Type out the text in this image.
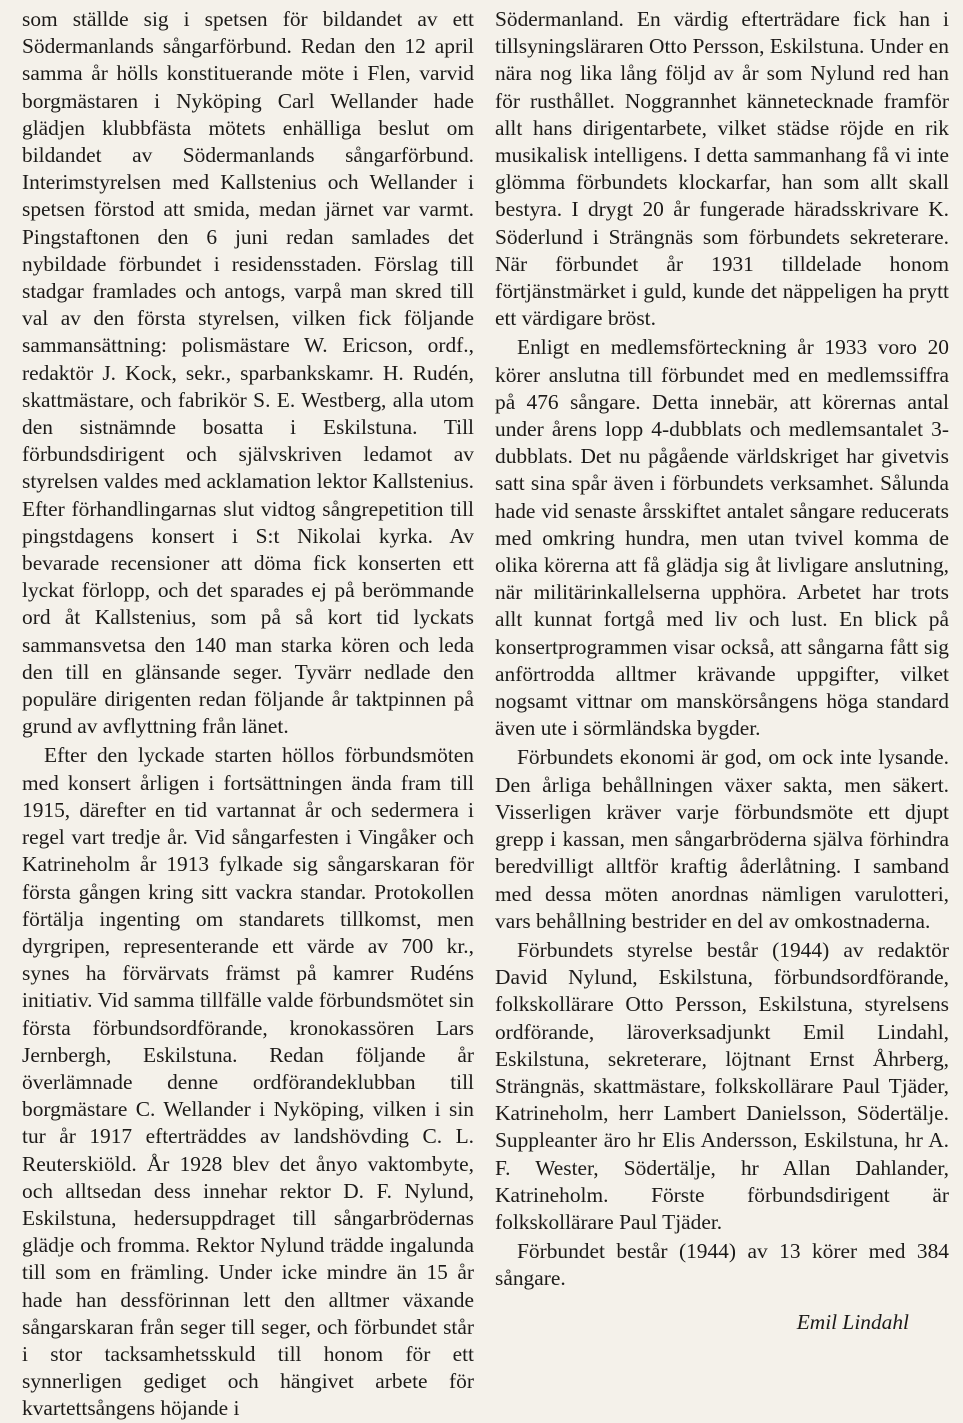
som ställde sig i spetsen för bildandet av ett Södermanlands sångarförbund. Redan den 12 april samma år hölls konstituerande möte i Flen, varvid borgmästaren i Nyköping Carl Wellander hade glädjen klubbfästa mötets enhälliga beslut om bildandet av Södermanlands sångarförbund. Interimstyrelsen med Kallstenius och Wellander i spetsen förstod att smida, medan järnet var varmt. Pingstaftonen den 6 juni redan samlades det nybildade förbundet i residensstaden. Förslag till stadgar framlades och antogs, varpå man skred till val av den första styrelsen, vilken fick följande sammansättning: polismästare W. Ericson, ordf., redaktör J. Kock, sekr., sparbankskamr. H. Rudén, skattmästare, och fabrikör S. E. Westberg, alla utom den sistnämnde bosatta i Eskilstuna. Till förbundsdirigent och självskriven ledamot av styrelsen valdes med acklamation lektor Kallstenius. Efter förhandlingarnas slut vidtog sångrepetition till pingstdagens konsert i S:t Nikolai kyrka. Av bevarade recensioner att döma fick konserten ett lyckat förlopp, och det sparades ej på berömmande ord åt Kallstenius, som på så kort tid lyckats sammansvetsa den 140 man starka kören och leda den till en glänsande seger. Tyvärr nedlade den populäre dirigenten redan följande år taktpinnen på grund av avflyttning från länet.

Efter den lyckade starten höllos förbundsmöten med konsert årligen i fortsättningen ända fram till 1915, därefter en tid vartannat år och sedermera i regel vart tredje år. Vid sångarfesten i Vingåker och Katrineholm år 1913 fylkade sig sångarskaran för första gången kring sitt vackra standar. Protokollen förtälja ingenting om standarets tillkomst, men dyrgripen, representerande ett värde av 700 kr., synes ha förvärvats främst på kamrer Rudéns initiativ. Vid samma tillfälle valde förbundsmötet sin första förbundsordförande, kronokassören Lars Jernbergh, Eskilstuna. Redan följande år överlämnade denne ordförandeklubban till borgmästare C. Wellander i Nyköping, vilken i sin tur år 1917 efterträddes av landshövding C. L. Reuterskiöld. År 1928 blev det ånyo vaktombyte, och alltsedan dess innehar rektor D. F. Nylund, Eskilstuna, hedersuppdraget till sångarbrödernas glädje och fromma. Rektor Nylund trädde ingalunda till som en främling. Under icke mindre än 15 år hade han dessförinnan lett den alltmer växande sångarskaran från seger till seger, och förbundet står i stor tacksamhetsskuld till honom för ett synnerligen gediget och hängivet arbete för kvartettsångens höjande i

Södermanland. En värdig efterträdare fick han i tillsyningsläraren Otto Persson, Eskilstuna. Under en nära nog lika lång följd av år som Nylund red han för rusthållet. Noggrannhet kännetecknade framför allt hans dirigentarbete, vilket städse röjde en rik musikalisk intelligens. I detta sammanhang få vi inte glömma förbundets klockarfar, han som allt skall bestyra. I drygt 20 år fungerade häradsskrivare K. Söderlund i Strängnäs som förbundets sekreterare. När förbundet år 1931 tilldelade honom förtjänstmärket i guld, kunde det näppeligen ha prytt ett värdigare bröst.

Enligt en medlemsförteckning år 1933 voro 20 körer anslutna till förbundet med en medlemssiffra på 476 sångare. Detta innebär, att körernas antal under årens lopp 4-dubblats och medlemsantalet 3-dubblats. Det nu pågående världskriget har givetvis satt sina spår även i förbundets verksamhet. Sålunda hade vid senaste årsskiftet antalet sångare reducerats med omkring hundra, men utan tvivel komma de olika körerna att få glädja sig åt livligare anslutning, när militärinkallelserna upphöra. Arbetet har trots allt kunnat fortgå med liv och lust. En blick på konsertprogrammen visar också, att sångarna fått sig anförtrodda alltmer krävande uppgifter, vilket nogsamt vittnar om manskörsångens höga standard även ute i sörmländska bygder.

Förbundets ekonomi är god, om ock inte lysande. Den årliga behållningen växer sakta, men säkert. Visserligen kräver varje förbundsmöte ett djupt grepp i kassan, men sångarbröderna själva förhindra beredvilligt alltför kraftig åderlåtning. I samband med dessa möten anordnas nämligen varulotteri, vars behållning bestrider en del av omkostnaderna.

Förbundets styrelse består (1944) av redaktör David Nylund, Eskilstuna, förbundsordförande, folkskollärare Otto Persson, Eskilstuna, styrelsens ordförande, läroverksadjunkt Emil Lindahl, Eskilstuna, sekreterare, löjtnant Ernst Åhrberg, Strängnäs, skattmästare, folkskollärare Paul Tjäder, Katrineholm, herr Lambert Danielsson, Södertälje. Suppleanter äro hr Elis Andersson, Eskilstuna, hr A. F. Wester, Södertälje, hr Allan Dahlander, Katrineholm. Förste förbundsdirigent är folkskollärare Paul Tjäder.

Förbundet består (1944) av 13 körer med 384 sångare.

Emil Lindahl
